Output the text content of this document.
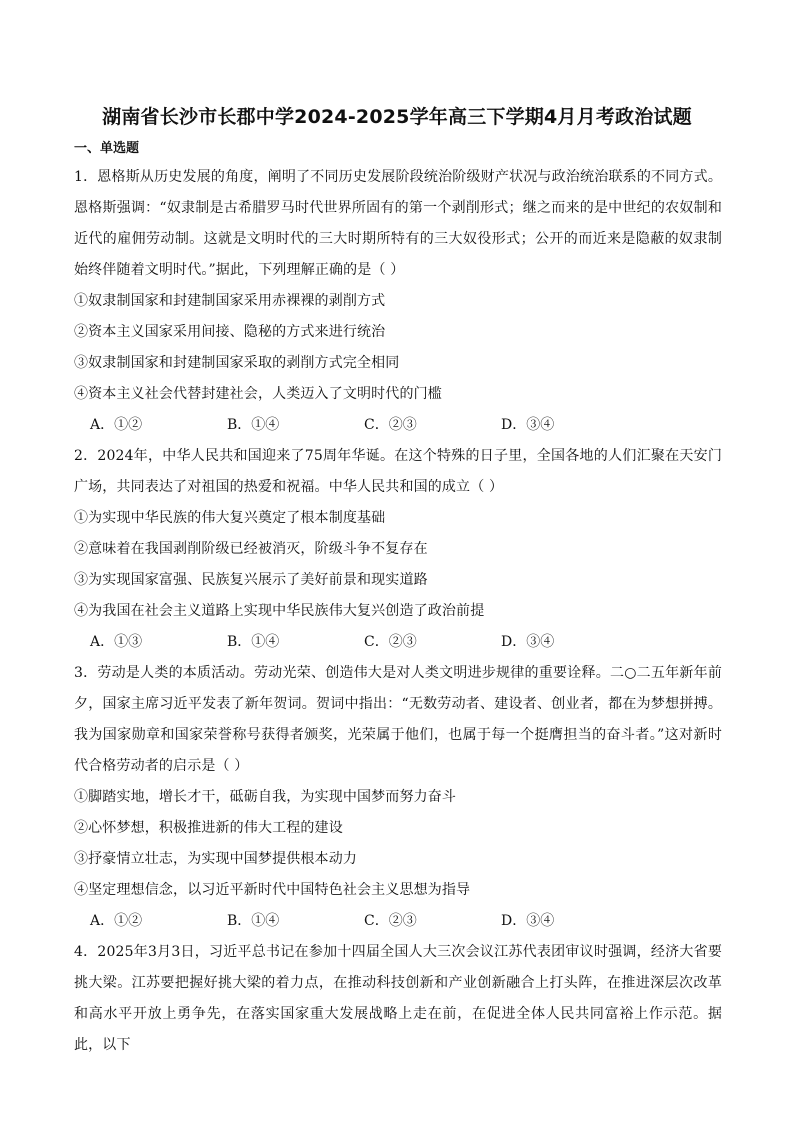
湖南省长沙市长郡中学2024-2025学年高三下学期4月月考政治试题
一、单选题
1．恩格斯从历史发展的角度，阐明了不同历史发展阶段统治阶级财产状况与政治统治联系的不同方式。恩格斯强调：“奴隶制是古希腊罗马时代世界所固有的第一个剥削形式；继之而来的是中世纪的农奴制和近代的雇佣劳动制。这就是文明时代的三大时期所特有的三大奴役形式；公开的而近来是隐蔽的奴隶制始终伴随着文明时代。”据此，下列理解正确的是（ ）
①奴隶制国家和封建制国家采用赤裸裸的剥削方式
②资本主义国家采用间接、隐秘的方式来进行统治
③奴隶制国家和封建制国家采取的剥削方式完全相同
④资本主义社会代替封建社会，人类迈入了文明时代的门槛
A．①②	B．①④	C．②③	D．③④
2．2024年，中华人民共和国迎来了75周年华诞。在这个特殊的日子里，全国各地的人们汇聚在天安门广场，共同表达了对祖国的热爱和祝福。中华人民共和国的成立（ ）
①为实现中华民族的伟大复兴奠定了根本制度基础
②意味着在我国剥削阶级已经被消灭，阶级斗争不复存在
③为实现国家富强、民族复兴展示了美好前景和现实道路
④为我国在社会主义道路上实现中华民族伟大复兴创造了政治前提
A．①③	B．①④	C．②③	D．③④
3．劳动是人类的本质活动。劳动光荣、创造伟大是对人类文明进步规律的重要诠释。二○二五年新年前夕，国家主席习近平发表了新年贺词。贺词中指出：“无数劳动者、建设者、创业者，都在为梦想拼搏。我为国家勋章和国家荣誉称号获得者颁奖，光荣属于他们，也属于每一个挺膺担当的奋斗者。”这对新时代合格劳动者的启示是（ ）
①脚踏实地，增长才干，砥砺自我，为实现中国梦而努力奋斗
②心怀梦想，积极推进新的伟大工程的建设
③抒豪情立壮志，为实现中国梦提供根本动力
④坚定理想信念，以习近平新时代中国特色社会主义思想为指导
A．①②	B．①④	C．②③	D．③④
4．2025年3月3日，习近平总书记在参加十四届全国人大三次会议江苏代表团审议时强调，经济大省要挑大梁。江苏要把握好挑大梁的着力点，在推动科技创新和产业创新融合上打头阵，在推进深层次改革和高水平开放上勇争先，在落实国家重大发展战略上走在前，在促进全体人民共同富裕上作示范。据此，以下
